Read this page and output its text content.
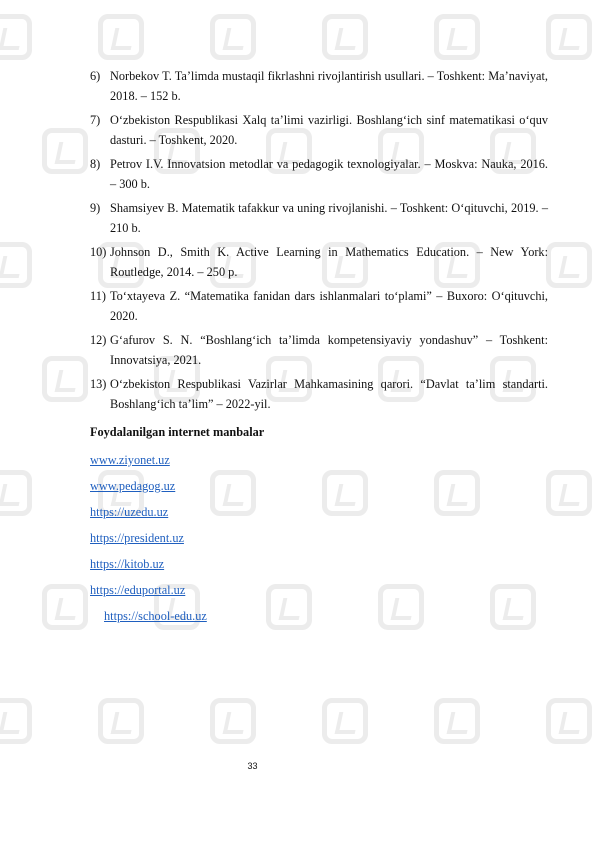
6) Norbekov T. Ta’limda mustaqil fikrlashni rivojlantirish usullari. – Toshkent: Ma’naviyat, 2018. – 152 b.
7) O‘zbekiston Respublikasi Xalq ta’limi vazirligi. Boshlang‘ich sinf matematikasi o‘quv dasturi. – Toshkent, 2020.
8) Petrov I.V. Innovatsion metodlar va pedagogik texnologiyalar. – Moskva: Nauka, 2016. – 300 b.
9) Shamsiyev B. Matematik tafakkur va uning rivojlanishi. – Toshkent: O‘qituvchi, 2019. – 210 b.
10) Johnson D., Smith K. Active Learning in Mathematics Education. – New York: Routledge, 2014. – 250 p.
11) To‘xtayeva Z. “Matematika fanidan dars ishlanmalari to‘plami” – Buxoro: O‘qituvchi, 2020.
12) G‘afurov S. N. “Boshlang‘ich ta’limda kompetensiyaviy yondashuv” – Toshkent: Innovatsiya, 2021.
13) O‘zbekiston Respublikasi Vazirlar Mahkamasining qarori. “Davlat ta’lim standarti. Boshlang‘ich ta’lim” – 2022-yil.
Foydalanilgan internet manbalar
www.ziyonet.uz
www.pedagog.uz
https://uzedu.uz
https://president.uz
https://kitob.uz
https://eduportal.uz
https://school-edu.uz
33
